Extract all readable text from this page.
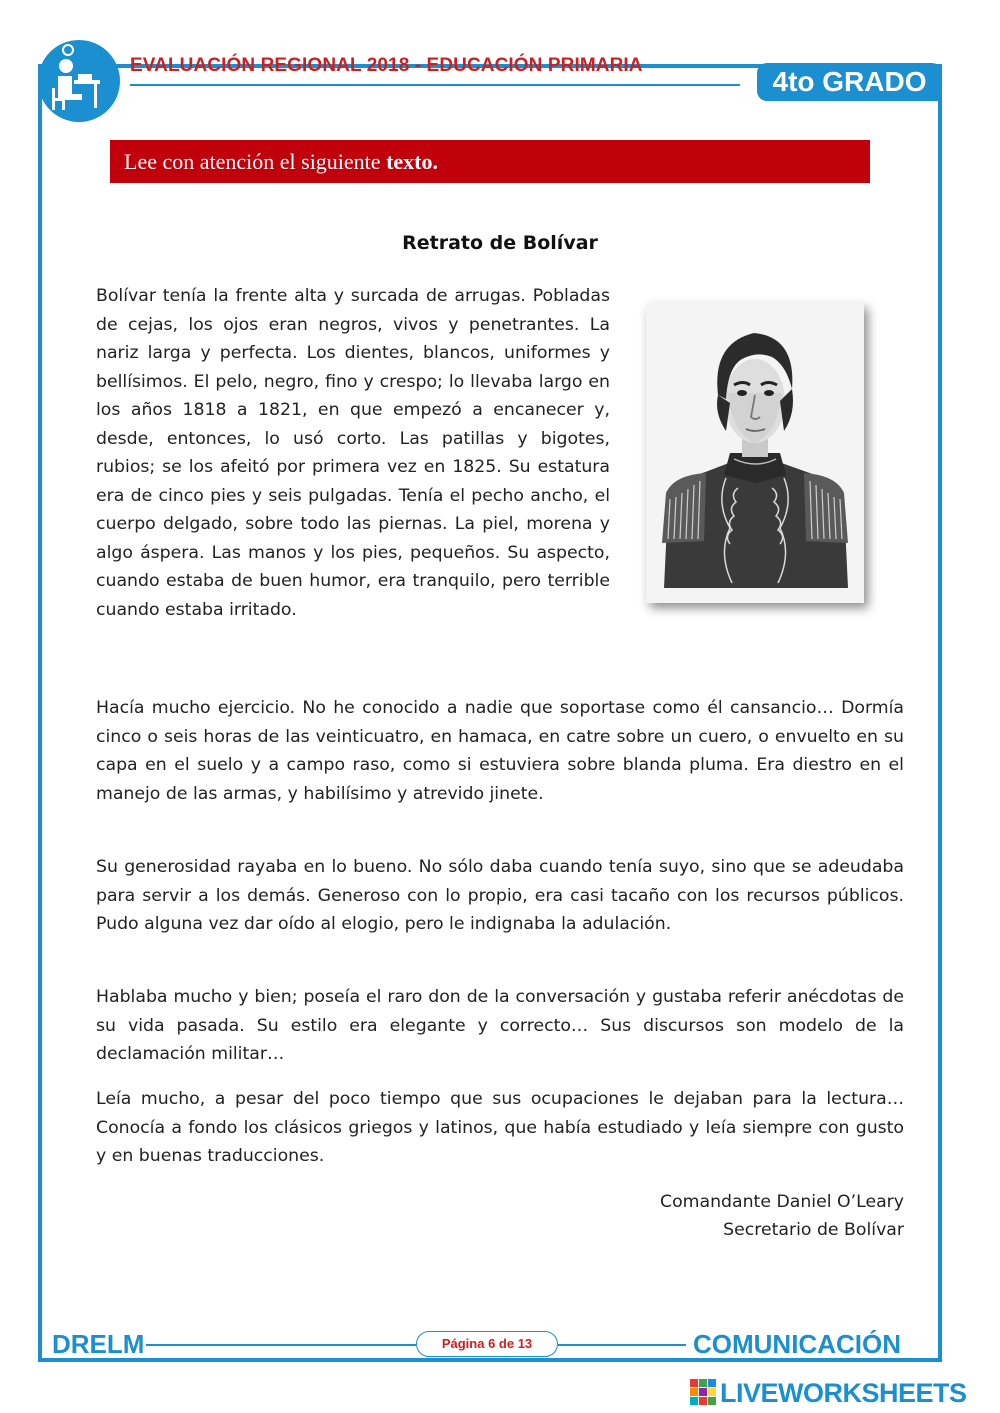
EVALUACIÓN REGIONAL 2018 - EDUCACIÓN PRIMARIA
4to GRADO
Lee con atención el siguiente texto.
Retrato de Bolívar

Bolívar tenía la frente alta y surcada de arrugas. Pobladas de cejas, los ojos eran negros, vivos y penetrantes. La nariz larga y perfecta. Los dientes, blancos, uniformes y bellísimos. El pelo, negro, fino y crespo; lo llevaba largo en los años 1818 a 1821, en que empezó a encanecer y, desde, entonces, lo usó corto. Las patillas y bigotes, rubios; se los afeitó por primera vez en 1825. Su estatura era de cinco pies y seis pulgadas. Tenía el pecho ancho, el cuerpo delgado, sobre todo las piernas. La piel, morena y algo áspera. Las manos y los pies, pequeños. Su aspecto, cuando estaba de buen humor, era tranquilo, pero terrible cuando estaba irritado.

Hacía mucho ejercicio. No he conocido a nadie que soportase como él cansancio… Dormía cinco o seis horas de las veinticuatro, en hamaca, en catre sobre un cuero, o envuelto en su capa en el suelo y a campo raso, como si estuviera sobre blanda pluma. Era diestro en el manejo de las armas, y habilísimo y atrevido jinete.

Su generosidad rayaba en lo bueno. No sólo daba cuando tenía suyo, sino que se adeudaba para servir a los demás. Generoso con lo propio, era casi tacaño con los recursos públicos. Pudo alguna vez dar oído al elogio, pero le indignaba la adulación.

Hablaba mucho y bien; poseía el raro don de la conversación y gustaba referir anécdotas de su vida pasada. Su estilo era elegante y correcto… Sus discursos son modelo de la declamación militar…

Leía mucho, a pesar del poco tiempo que sus ocupaciones le dejaban para la lectura… Conocía a fondo los clásicos griegos y latinos, que había estudiado y leía siempre con gusto y en buenas traducciones.

Comandante Daniel O’Leary
Secretario de Bolívar
DRELM	Página 6 de 13	COMUNICACIÓN
LIVEWORKSHEETS
